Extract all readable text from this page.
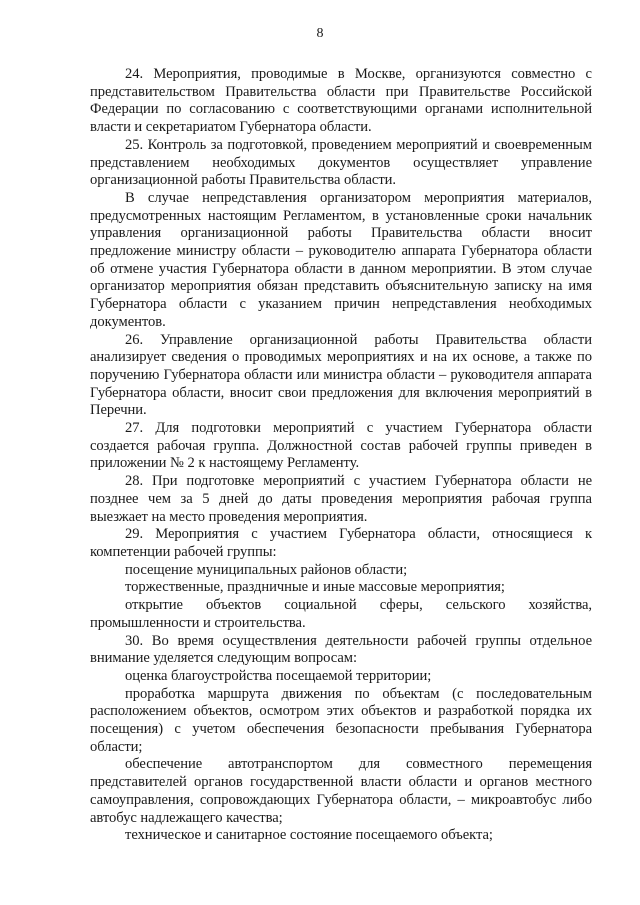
8

24. Мероприятия, проводимые в Москве, организуются совместно с представительством Правительства области при Правительстве Российской Федерации по согласованию с соответствующими органами исполнительной власти и секретариатом Губернатора области.

25. Контроль за подготовкой, проведением мероприятий и своевременным представлением необходимых документов осуществляет управление организационной работы Правительства области.

В случае непредставления организатором мероприятия материалов, предусмотренных настоящим Регламентом, в установленные сроки начальник управления организационной работы Правительства области вносит предложение министру области – руководителю аппарата Губернатора области об отмене участия Губернатора области в данном мероприятии. В этом случае организатор мероприятия обязан представить объяснительную записку на имя Губернатора области с указанием причин непредставления необходимых документов.

26. Управление организационной работы Правительства области анализирует сведения о проводимых мероприятиях и на их основе, а также по поручению Губернатора области или министра области – руководителя аппарата Губернатора области, вносит свои предложения для включения мероприятий в Перечни.

27. Для подготовки мероприятий с участием Губернатора области создается рабочая группа. Должностной состав рабочей группы приведен в приложении № 2 к настоящему Регламенту.

28. При подготовке мероприятий с участием Губернатора области не позднее чем за 5 дней до даты проведения мероприятия рабочая группа выезжает на место проведения мероприятия.

29. Мероприятия с участием Губернатора области, относящиеся к компетенции рабочей группы:

посещение муниципальных районов области;

торжественные, праздничные и иные массовые мероприятия;

открытие объектов социальной сферы, сельского хозяйства, промышленности и строительства.

30. Во время осуществления деятельности рабочей группы отдельное внимание уделяется следующим вопросам:

оценка благоустройства посещаемой территории;

проработка маршрута движения по объектам (с последовательным расположением объектов, осмотром этих объектов и разработкой порядка их посещения) с учетом обеспечения безопасности пребывания Губернатора области;

обеспечение автотранспортом для совместного перемещения представителей органов государственной власти области и органов местного самоуправления, сопровождающих Губернатора области, – микроавтобус либо автобус надлежащего качества;

техническое и санитарное состояние посещаемого объекта;
